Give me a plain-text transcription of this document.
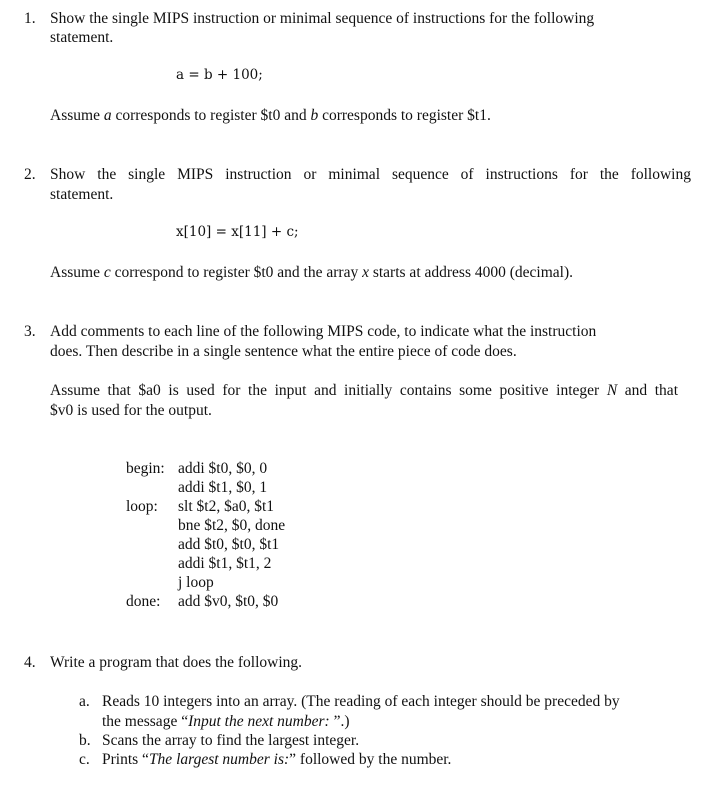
1. Show the single MIPS instruction or minimal sequence of instructions for the following
statement.
a = b + 100;
Assume a corresponds to register $t0 and b corresponds to register $t1.
2. Show the single MIPS instruction or minimal sequence of instructions for the following
statement.
x[10] = x[11] + c;
Assume c correspond to register $t0 and the array x starts at address 4000 (decimal).
3. Add comments to each line of the following MIPS code, to indicate what the instruction
does. Then describe in a single sentence what the entire piece of code does.
Assume that $a0 is used for the input and initially contains some positive integer N and that
$v0 is used for the output.
begin: addi $t0, $0, 0
addi $t1, $0, 1
loop:	slt $t2, $a0, $t1
bne $t2, $0, done
add $t0, $t0, $t1
addi $t1, $t1, 2
j loop
done:	add $v0, $t0, $0
4. Write a program that does the following.
a. Reads 10 integers into an array. (The reading of each integer should be preceded by
the message “Input the next number: ”.)
b. Scans the array to find the largest integer.
c. Prints “The largest number is:” followed by the number.
